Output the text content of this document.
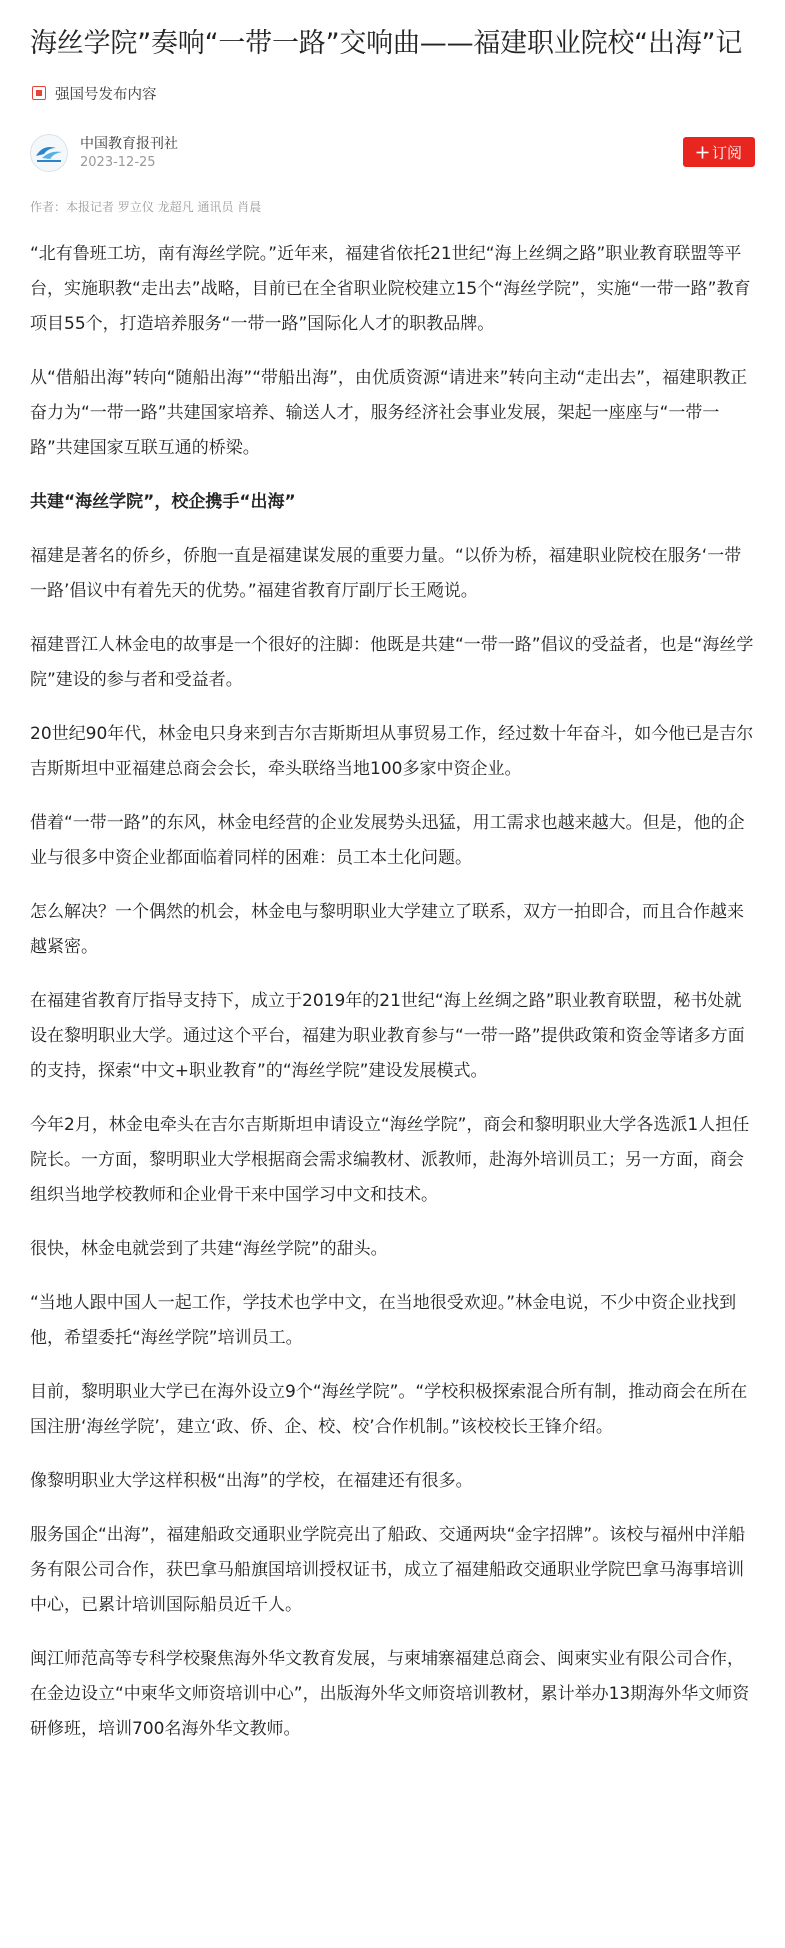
海丝学院”奏响“一带一路”交响曲——福建职业院校“出海”记
强国号发布内容
中国教育报刊社
2023-12-25
订阅
作者：本报记者 罗立仪 龙超凡 通讯员 肖晨

“北有鲁班工坊，南有海丝学院。”近年来，福建省依托21世纪“海上丝绸之路”职业教育联盟等平台，实施职教“走出去”战略，目前已在全省职业院校建立15个“海丝学院”，实施“一带一路”教育项目55个，打造培养服务“一带一路”国际化人才的职教品牌。

从“借船出海”转向“随船出海”“带船出海”，由优质资源“请进来”转向主动“走出去”，福建职教正奋力为“一带一路”共建国家培养、输送人才，服务经济社会事业发展，架起一座座与“一带一路”共建国家互联互通的桥梁。

共建“海丝学院”，校企携手“出海”

福建是著名的侨乡，侨胞一直是福建谋发展的重要力量。“以侨为桥，福建职业院校在服务‘一带一路’倡议中有着先天的优势。”福建省教育厅副厅长王飏说。

福建晋江人林金电的故事是一个很好的注脚：他既是共建“一带一路”倡议的受益者，也是“海丝学院”建设的参与者和受益者。

20世纪90年代，林金电只身来到吉尔吉斯斯坦从事贸易工作，经过数十年奋斗，如今他已是吉尔吉斯斯坦中亚福建总商会会长，牵头联络当地100多家中资企业。

借着“一带一路”的东风，林金电经营的企业发展势头迅猛，用工需求也越来越大。但是，他的企业与很多中资企业都面临着同样的困难：员工本土化问题。

怎么解决？一个偶然的机会，林金电与黎明职业大学建立了联系，双方一拍即合，而且合作越来越紧密。

在福建省教育厅指导支持下，成立于2019年的21世纪“海上丝绸之路”职业教育联盟，秘书处就设在黎明职业大学。通过这个平台，福建为职业教育参与“一带一路”提供政策和资金等诸多方面的支持，探索“中文+职业教育”的“海丝学院”建设发展模式。

今年2月，林金电牵头在吉尔吉斯斯坦申请设立“海丝学院”，商会和黎明职业大学各选派1人担任院长。一方面，黎明职业大学根据商会需求编教材、派教师，赴海外培训员工；另一方面，商会组织当地学校教师和企业骨干来中国学习中文和技术。

很快，林金电就尝到了共建“海丝学院”的甜头。

“当地人跟中国人一起工作，学技术也学中文，在当地很受欢迎。”林金电说，不少中资企业找到他，希望委托“海丝学院”培训员工。

目前，黎明职业大学已在海外设立9个“海丝学院”。“学校积极探索混合所有制，推动商会在所在国注册‘海丝学院’，建立‘政、侨、企、校、校’合作机制。”该校校长王锋介绍。

像黎明职业大学这样积极“出海”的学校，在福建还有很多。

服务国企“出海”，福建船政交通职业学院亮出了船政、交通两块“金字招牌”。该校与福州中洋船务有限公司合作，获巴拿马船旗国培训授权证书，成立了福建船政交通职业学院巴拿马海事培训中心，已累计培训国际船员近千人。

闽江师范高等专科学校聚焦海外华文教育发展，与柬埔寨福建总商会、闽柬实业有限公司合作，在金边设立“中柬华文师资培训中心”，出版海外华文师资培训教材，累计举办13期海外华文师资研修班，培训700名海外华文教师。
